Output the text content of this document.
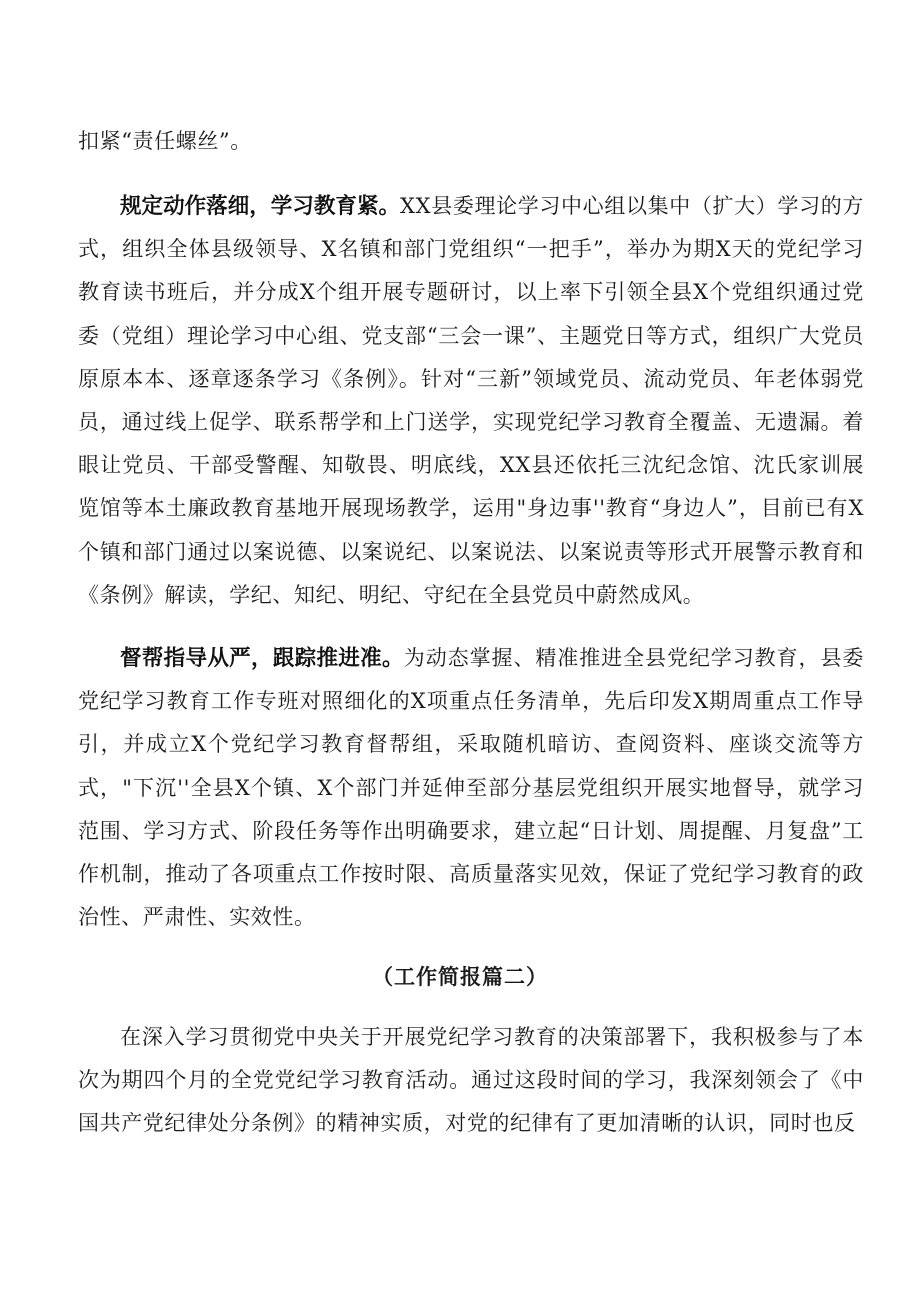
扣紧“责任螺丝”。

规定动作落细，学习教育紧。XX县委理论学习中心组以集中（扩大）学习的方式，组织全体县级领导、X名镇和部门党组织“一把手”，举办为期X天的党纪学习教育读书班后，并分成X个组开展专题研讨，以上率下引领全县X个党组织通过党委（党组）理论学习中心组、党支部“三会一课”、主题党日等方式，组织广大党员原原本本、逐章逐条学习《条例》。针对“三新”领域党员、流动党员、年老体弱党员，通过线上促学、联系帮学和上门送学，实现党纪学习教育全覆盖、无遗漏。着眼让党员、干部受警醒、知敬畏、明底线，XX县还依托三沈纪念馆、沈氏家训展览馆等本土廉政教育基地开展现场教学，运用"身边事''教育“身边人”，目前已有X个镇和部门通过以案说德、以案说纪、以案说法、以案说责等形式开展警示教育和《条例》解读，学纪、知纪、明纪、守纪在全县党员中蔚然成风。

督帮指导从严，跟踪推进准。为动态掌握、精准推进全县党纪学习教育，县委党纪学习教育工作专班对照细化的X项重点任务清单，先后印发X期周重点工作导引，并成立X个党纪学习教育督帮组，采取随机暗访、查阅资料、座谈交流等方式，"下沉''全县X个镇、X个部门并延伸至部分基层党组织开展实地督导，就学习范围、学习方式、阶段任务等作出明确要求，建立起“日计划、周提醒、月复盘”工作机制，推动了各项重点工作按时限、高质量落实见效，保证了党纪学习教育的政治性、严肃性、实效性。

（工作简报篇二）

在深入学习贯彻党中央关于开展党纪学习教育的决策部署下，我积极参与了本次为期四个月的全党党纪学习教育活动。通过这段时间的学习，我深刻领会了《中国共产党纪律处分条例》的精神实质，对党的纪律有了更加清晰的认识，同时也反
